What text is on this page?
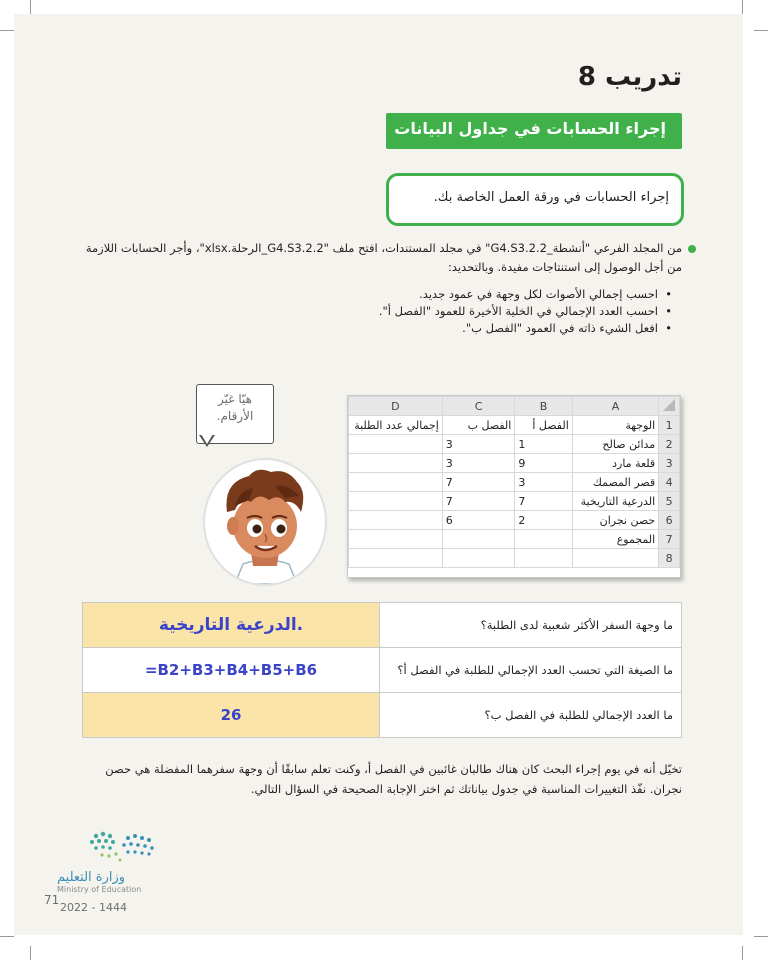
تدريب 8
إجراء الحسابات في جداول البيانات
إجراء الحسابات في ورقة العمل الخاصة بك.
من المجلد الفرعي "أنشطة_G4.S3.2.2" في مجلد المستندات، افتح ملف "G4.S3.2.2_الرحلة.xlsx"، وأجر الحسابات اللازمة من أجل الوصول إلى استنتاجات مفيدة. وبالتحديد:
• احسب إجمالي الأصوات لكل وجهة في عمود جديد.
• احسب العدد الإجمالي في الخلية الأخيرة للعمود "الفصل أ".
• افعل الشيء ذاته في العمود "الفصل ب".
هيّا غيّر
الأرقام.
	A	B	C	D
1	الوجهة	الفصل أ	الفصل ب	إجمالي عدد الطلبة
2	مدائن صالح	1	3	
3	قلعة مارد	9	3	
4	قصر المصمك	3	7	
5	الدرعية التاريخية	7	7	
6	حصن نجران	2	6	
7	المجموع			
8				
الدرعية التاريخية.	ما وجهة السفر الأكثر شعبية لدى الطلبة؟
=B2+B3+B4+B5+B6	ما الصيغة التي تحسب العدد الإجمالي للطلبة في الفصل أ؟
26	ما العدد الإجمالي للطلبة في الفصل ب؟
تخيّل أنه في يوم إجراء البحث كان هناك طالبان غائبين في الفصل أ، وكنت تعلم سابقًا أن وجهة سفرهما المفضلة هي حصن نجران. نفّذ التغييرات المناسبة في جدول بياناتك ثم اختر الإجابة الصحيحة في السؤال التالي.
وزارة التعليم
Ministry of Education
71
2022 - 1444
